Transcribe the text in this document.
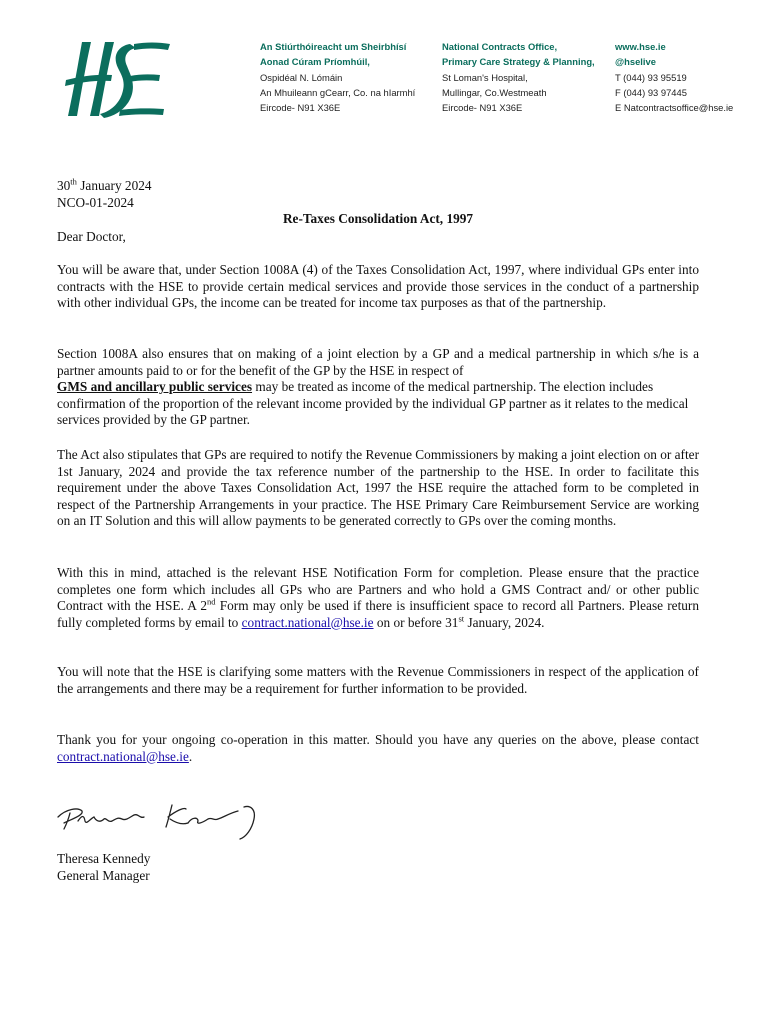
An Stiúrthóireacht um Sheirbhísí
Aonad Cúram Príomhúil,
Ospidéal N. Lómáin
An Mhuileann gCearr, Co. na hIarmhí
Eircode- N91 X36E
National Contracts Office,
Primary Care Strategy & Planning,
St Loman's Hospital,
Mullingar, Co.Westmeath
Eircode- N91 X36E
www.hse.ie
@hselive
T (044) 93 95519
F (044) 93 97445
E Natcontractsoffice@hse.ie
30th January 2024
NCO-01-2024
Re-Taxes Consolidation Act, 1997
Dear Doctor,

You will be aware that, under Section 1008A (4) of the Taxes Consolidation Act, 1997, where individual GPs enter into contracts with the HSE to provide certain medical services and provide those services in the conduct of a partnership with other individual GPs, the income can be treated for income tax purposes as that of the partnership.

Section 1008A also ensures that on making of a joint election by a GP and a medical partnership in which s/he is a partner amounts paid to or for the benefit of the GP by the HSE in respect of
GMS and ancillary public services may be treated as income of the medical partnership. The election includes confirmation of the proportion of the relevant income provided by the individual GP partner as it relates to the medical services provided by the GP partner.

The Act also stipulates that GPs are required to notify the Revenue Commissioners by making a joint election on or after 1st January, 2024 and provide the tax reference number of the partnership to the HSE. In order to facilitate this requirement under the above Taxes Consolidation Act, 1997 the HSE require the attached form to be completed in respect of the Partnership Arrangements in your practice. The HSE Primary Care Reimbursement Service are working on an IT Solution and this will allow payments to be generated correctly to GPs over the coming months.

With this in mind, attached is the relevant HSE Notification Form for completion. Please ensure that the practice completes one form which includes all GPs who are Partners and who hold a GMS Contract and/ or other public Contract with the HSE. A 2nd Form may only be used if there is insufficient space to record all Partners. Please return fully completed forms by email to contract.national@hse.ie on or before 31st January, 2024.

You will note that the HSE is clarifying some matters with the Revenue Commissioners in respect of the application of the arrangements and there may be a requirement for further information to be provided.

Thank you for your ongoing co-operation in this matter. Should you have any queries on the above, please contact contract.national@hse.ie.

Theresa Kennedy
General Manager
